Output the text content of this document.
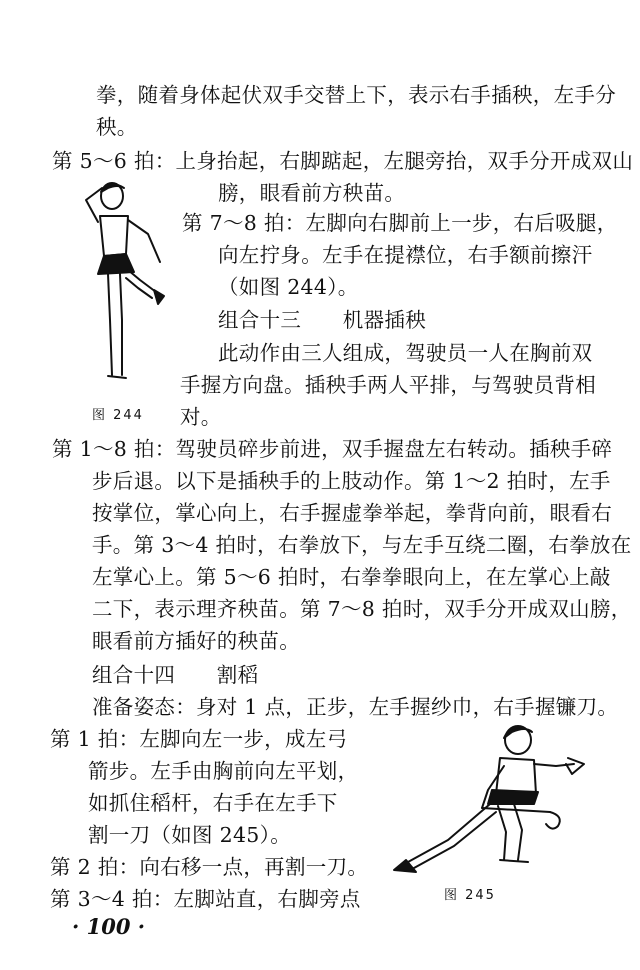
拳，随着身体起伏双手交替上下，表示右手插秧，左手分
秧。
第 5～6 拍：上身抬起，右脚踮起，左腿旁抬，双手分开成双山
膀，眼看前方秧苗。
第 7～8 拍：左脚向右脚前上一步，右后吸腿，
向左拧身。左手在提襟位，右手额前擦汗
（如图 244）。
组合十三　　机器插秧
此动作由三人组成，驾驶员一人在胸前双
手握方向盘。插秧手两人平排，与驾驶员背相
对。
第 1～8 拍：驾驶员碎步前进，双手握盘左右转动。插秧手碎
步后退。以下是插秧手的上肢动作。第 1～2 拍时，左手
按掌位，掌心向上，右手握虚拳举起，拳背向前，眼看右
手。第 3～4 拍时，右拳放下，与左手互绕二圈，右拳放在
左掌心上。第 5～6 拍时，右拳拳眼向上，在左掌心上敲
二下，表示理齐秧苗。第 7～8 拍时，双手分开成双山膀，
眼看前方插好的秧苗。
组合十四　　割稻
准备姿态：身对 1 点，正步，左手握纱巾，右手握镰刀。
第 1 拍：左脚向左一步，成左弓
箭步。左手由胸前向左平划，
如抓住稻杆，右手在左手下
割一刀（如图 245）。
第 2 拍：向右移一点，再割一刀。
第 3～4 拍：左脚站直，右脚旁点
图 244
图 245
· 100 ·
